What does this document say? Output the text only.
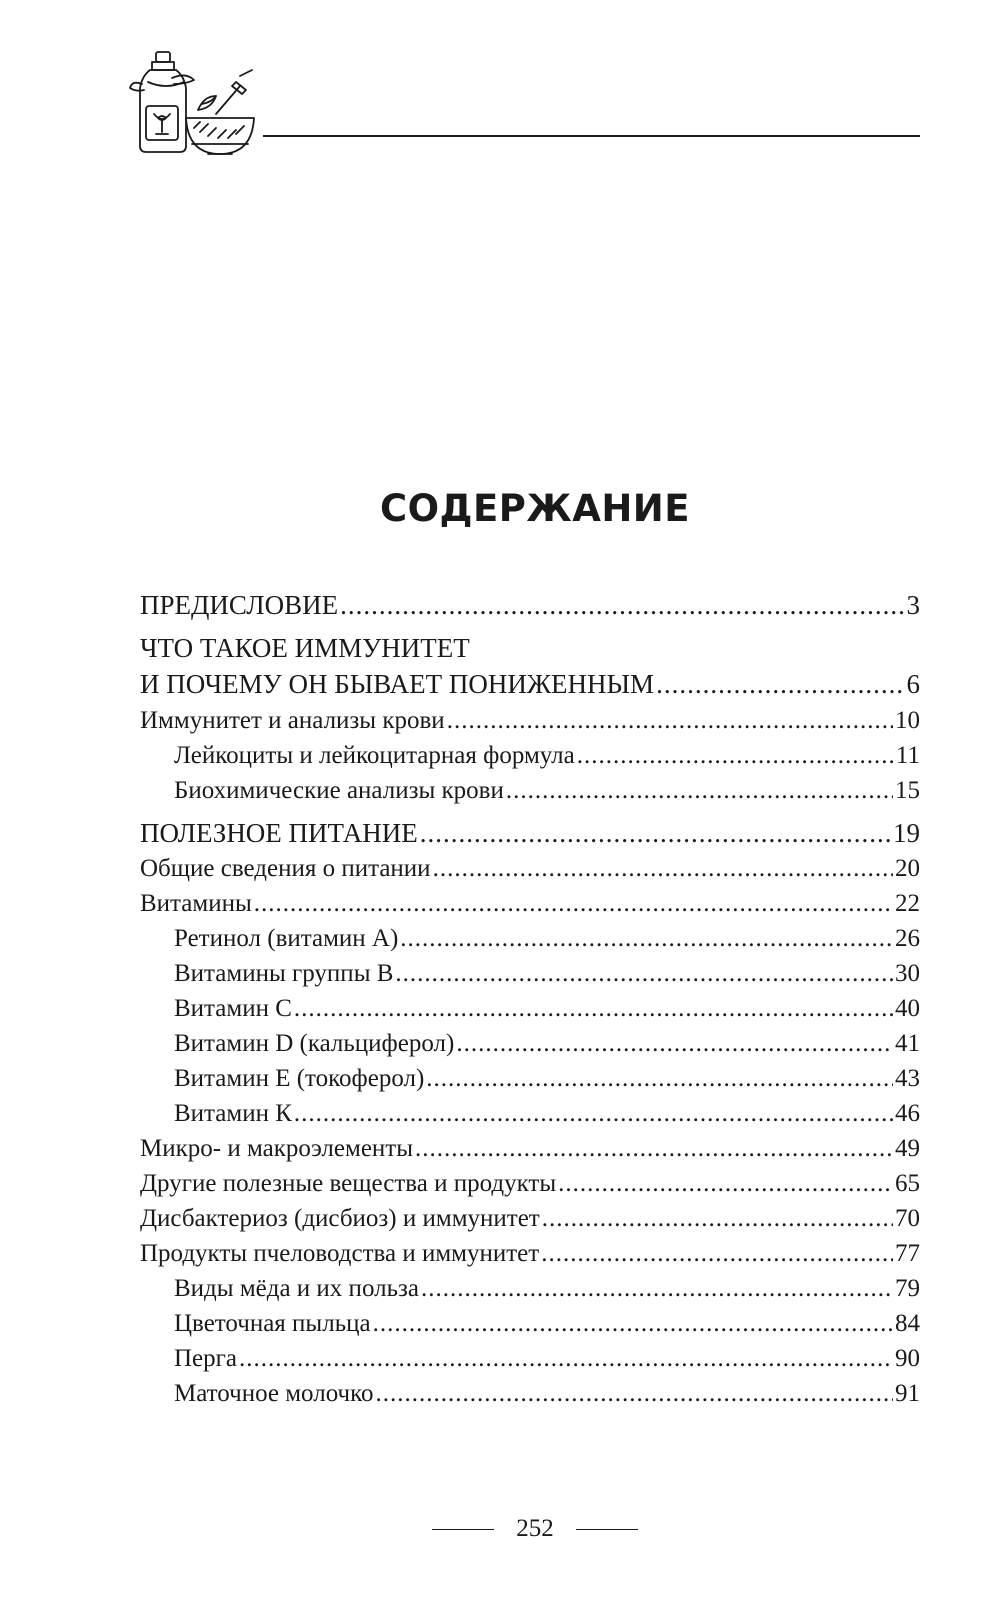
СОДЕРЖАНИЕ
ПРЕДИСЛОВИЕ .....	3
ЧТО ТАКОЕ ИММУНИТЕТ
И ПОЧЕМУ ОН БЫВАЕТ ПОНИЖЕННЫМ .....	6
Иммунитет и анализы крови .....	10
Лейкоциты и лейкоцитарная формула .....	11
Биохимические анализы крови .....	15
ПОЛЕЗНОЕ ПИТАНИЕ .....	19
Общие сведения о питании .....	20
Витамины .....	22
Ретинол (витамин А) .....	26
Витамины группы В .....	30
Витамин С .....	40
Витамин D (кальциферол) .....	41
Витамин Е (токоферол) .....	43
Витамин К .....	46
Микро- и макроэлементы .....	49
Другие полезные вещества и продукты .....	65
Дисбактериоз (дисбиоз) и иммунитет .....	70
Продукты пчеловодства и иммунитет .....	77
Виды мёда и их польза .....	79
Цветочная пыльца .....	84
Перга .....	90
Маточное молочко .....	91
252
